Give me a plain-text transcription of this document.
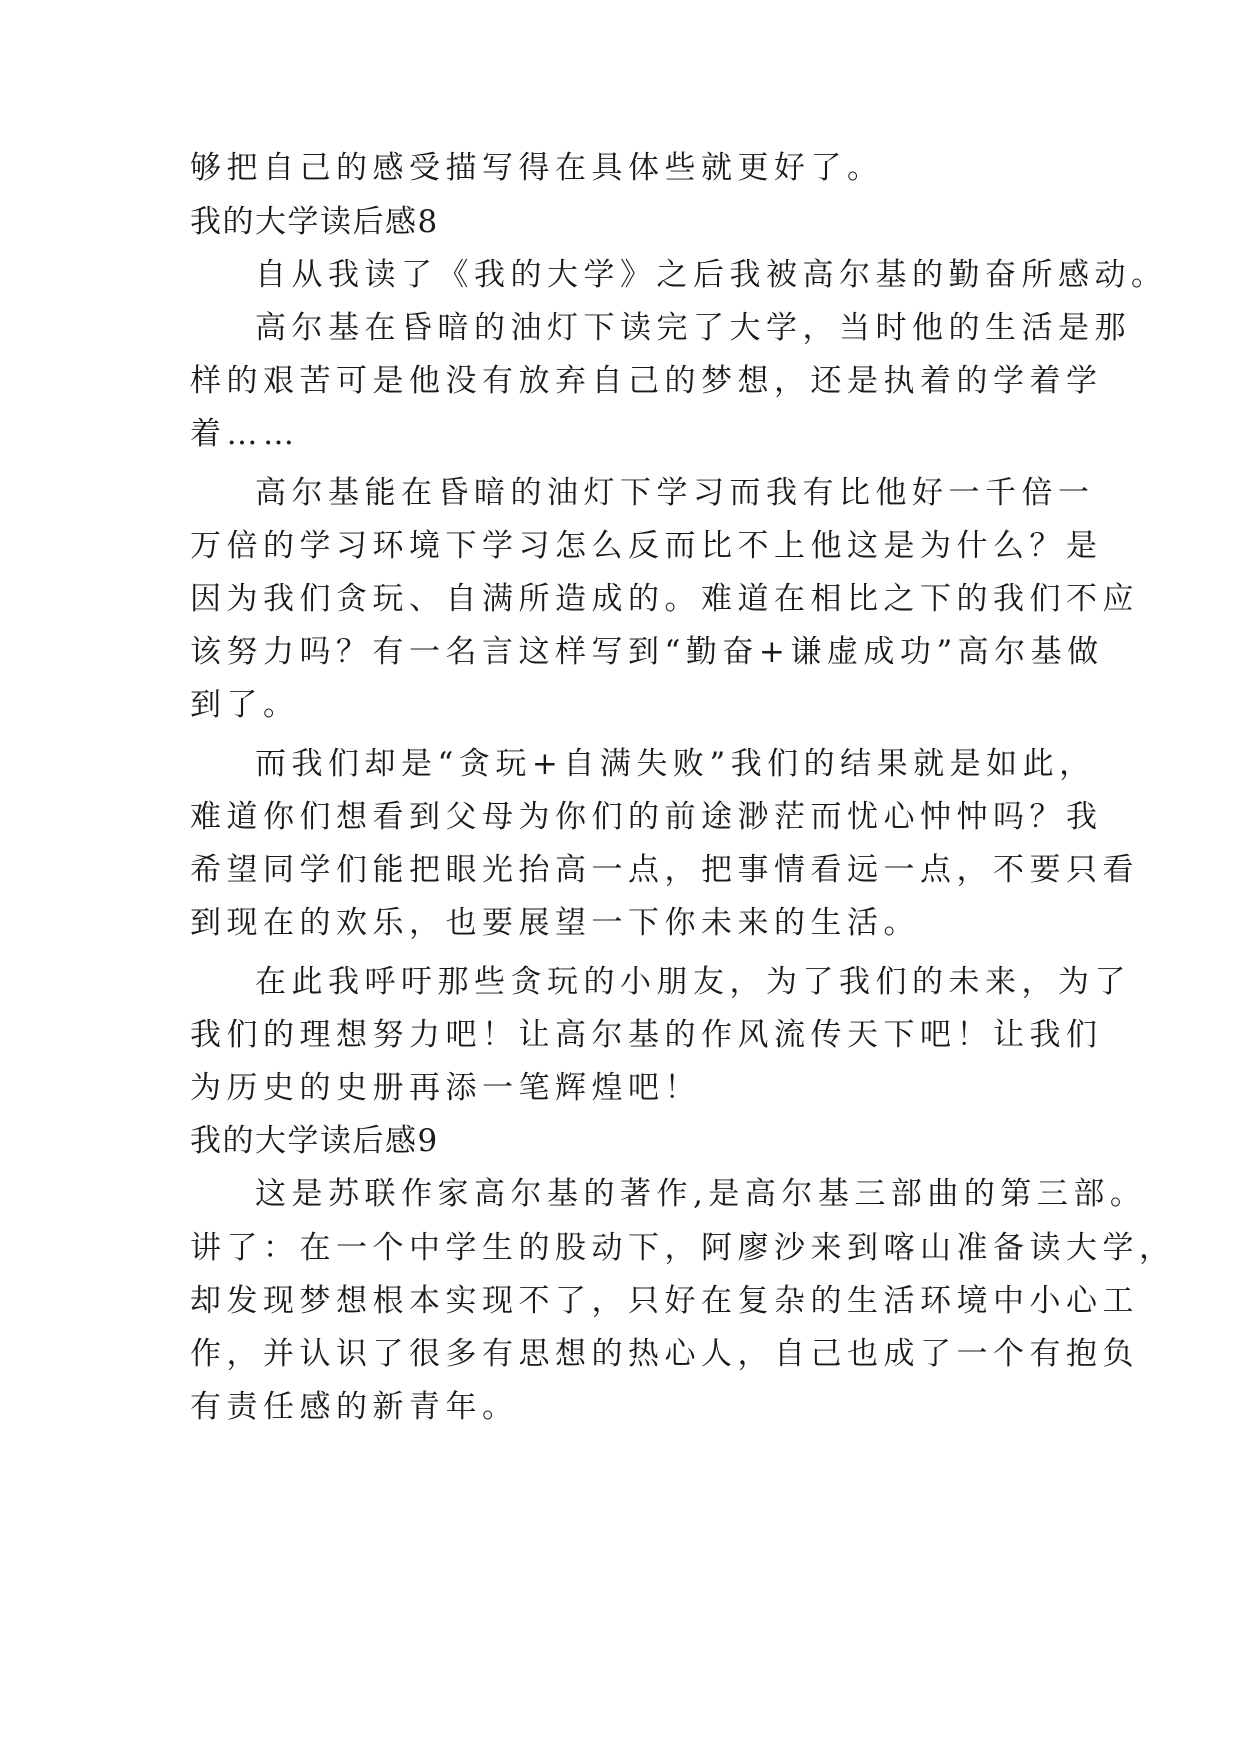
够把自己的感受描写得在具体些就更好了。
我的大学读后感8
自从我读了《我的大学》之后我被高尔基的勤奋所感动。
高尔基在昏暗的油灯下读完了大学，当时他的生活是那
样的艰苦可是他没有放弃自己的梦想，还是执着的学着学
着……
高尔基能在昏暗的油灯下学习而我有比他好一千倍一
万倍的学习环境下学习怎么反而比不上他这是为什么？是
因为我们贪玩、自满所造成的。难道在相比之下的我们不应
该努力吗？有一名言这样写到“勤奋+谦虚成功”高尔基做
到了。
而我们却是“贪玩+自满失败”我们的结果就是如此，
难道你们想看到父母为你们的前途渺茫而忧心忡忡吗？我
希望同学们能把眼光抬高一点，把事情看远一点，不要只看
到现在的欢乐，也要展望一下你未来的生活。
在此我呼吁那些贪玩的小朋友，为了我们的未来，为了
我们的理想努力吧！让高尔基的作风流传天下吧！让我们
为历史的史册再添一笔辉煌吧！
我的大学读后感9
这是苏联作家高尔基的著作,是高尔基三部曲的第三部。
讲了：在一个中学生的股动下，阿廖沙来到喀山准备读大学，
却发现梦想根本实现不了，只好在复杂的生活环境中小心工
作，并认识了很多有思想的热心人，自己也成了一个有抱负
有责任感的新青年。
